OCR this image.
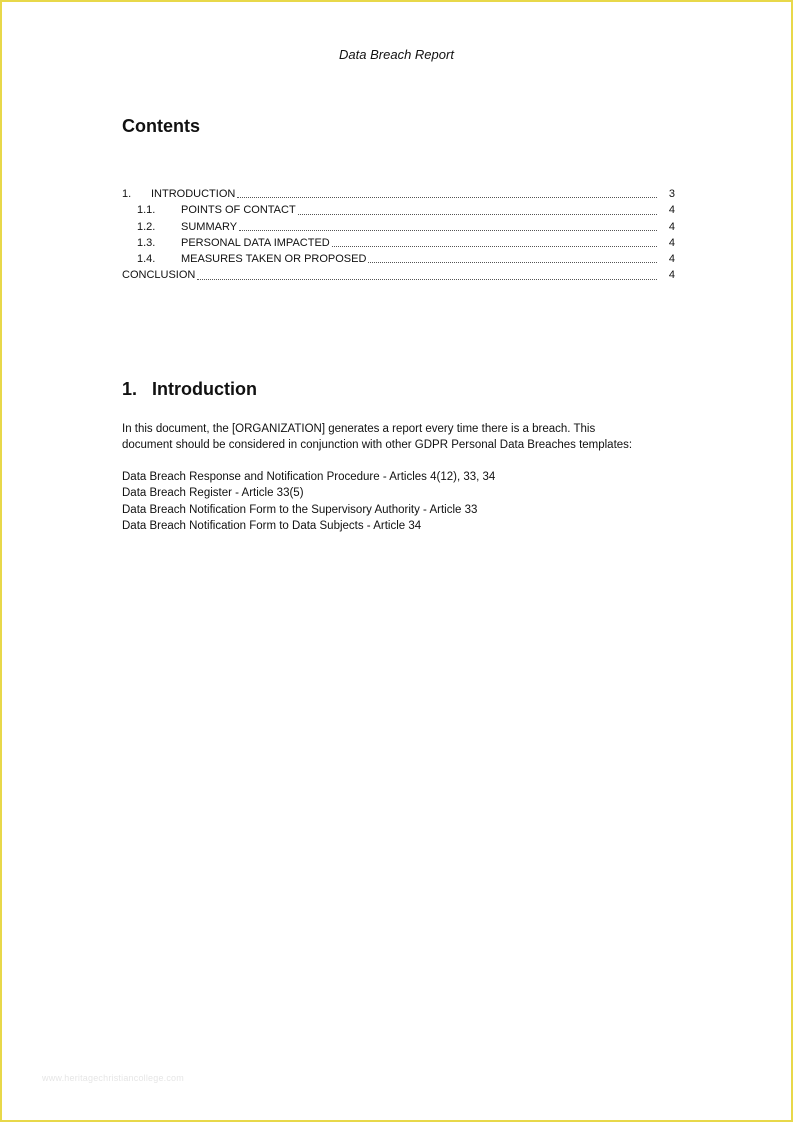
Data Breach Report
Contents
1.	INTRODUCTION	3
1.1.	POINTS OF CONTACT	4
1.2.	SUMMARY	4
1.3.	PERSONAL DATA IMPACTED	4
1.4.	MEASURES TAKEN OR PROPOSED	4
CONCLUSION	4
1. Introduction

In this document, the [ORGANIZATION] generates a report every time there is a breach. This
document should be considered in conjunction with other GDPR Personal Data Breaches templates:

Data Breach Response and Notification Procedure - Articles 4(12), 33, 34
Data Breach Register - Article 33(5)
Data Breach Notification Form to the Supervisory Authority - Article 33
Data Breach Notification Form to Data Subjects - Article 34
www.heritagechristiancollege.com
